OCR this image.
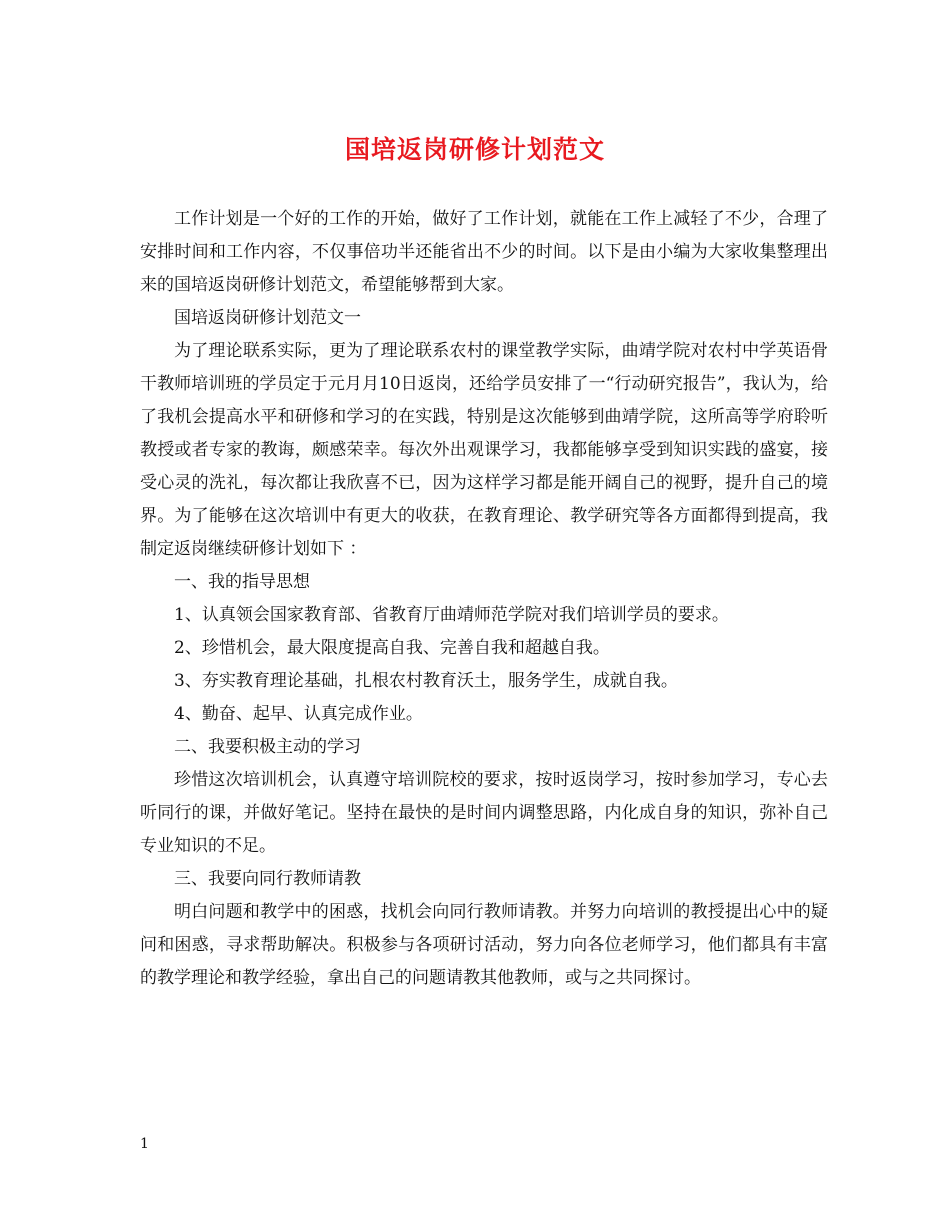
国培返岗研修计划范文

工作计划是一个好的工作的开始，做好了工作计划，就能在工作上减轻了不少，合理了安排时间和工作内容，不仅事倍功半还能省出不少的时间。以下是由小编为大家收集整理出来的国培返岗研修计划范文，希望能够帮到大家。

国培返岗研修计划范文一

为了理论联系实际，更为了理论联系农村的课堂教学实际，曲靖学院对农村中学英语骨干教师培训班的学员定于元月月10日返岗，还给学员安排了一“行动研究报告”，我认为，给了我机会提高水平和研修和学习的在实践，特别是这次能够到曲靖学院，这所高等学府聆听教授或者专家的教诲，颇感荣幸。每次外出观课学习，我都能够享受到知识实践的盛宴，接受心灵的洗礼，每次都让我欣喜不已，因为这样学习都是能开阔自己的视野，提升自己的境界。为了能够在这次培训中有更大的收获，在教育理论、教学研究等各方面都得到提高，我制定返岗继续研修计划如下 ：

一、我的指导思想

1、认真领会国家教育部、省教育厅曲靖师范学院对我们培训学员的要求。

2、珍惜机会，最大限度提高自我、完善自我和超越自我。

3、夯实教育理论基础，扎根农村教育沃土，服务学生，成就自我。

4、勤奋、起早、认真完成作业。

二、我要积极主动的学习

珍惜这次培训机会，认真遵守培训院校的要求，按时返岗学习，按时参加学习，专心去听同行的课，并做好笔记。坚持在最快的是时间内调整思路，内化成自身的知识，弥补自己专业知识的不足。

三、我要向同行教师请教

明白问题和教学中的困惑，找机会向同行教师请教。并努力向培训的教授提出心中的疑问和困惑，寻求帮助解决。积极参与各项研讨活动，努力向各位老师学习，他们都具有丰富的教学理论和教学经验，拿出自己的问题请教其他教师，或与之共同探讨。

1
